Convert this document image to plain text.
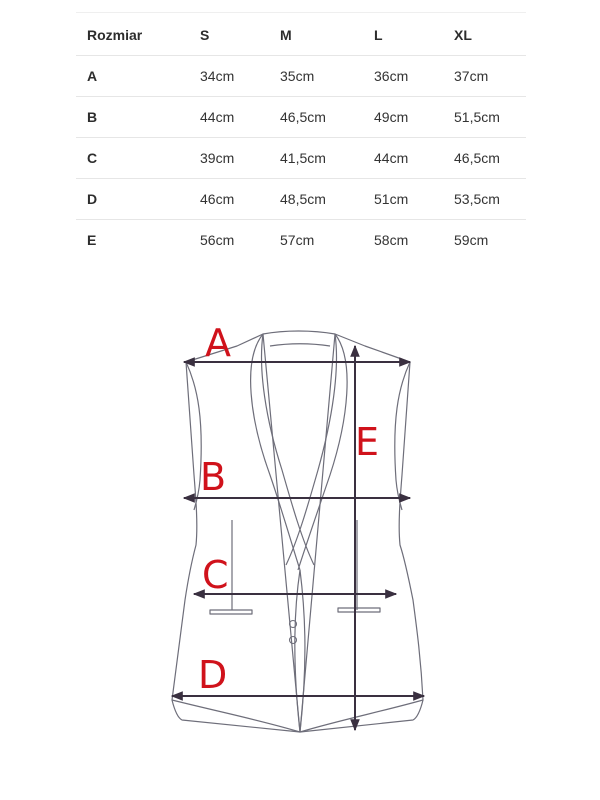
Rozmiar	S	M	L	XL
A	34cm	35cm	36cm	37cm
B	44cm	46,5cm	49cm	51,5cm
C	39cm	41,5cm	44cm	46,5cm
D	46cm	48,5cm	51cm	53,5cm
E	56cm	57cm	58cm	59cm
A
B
C
D
E
